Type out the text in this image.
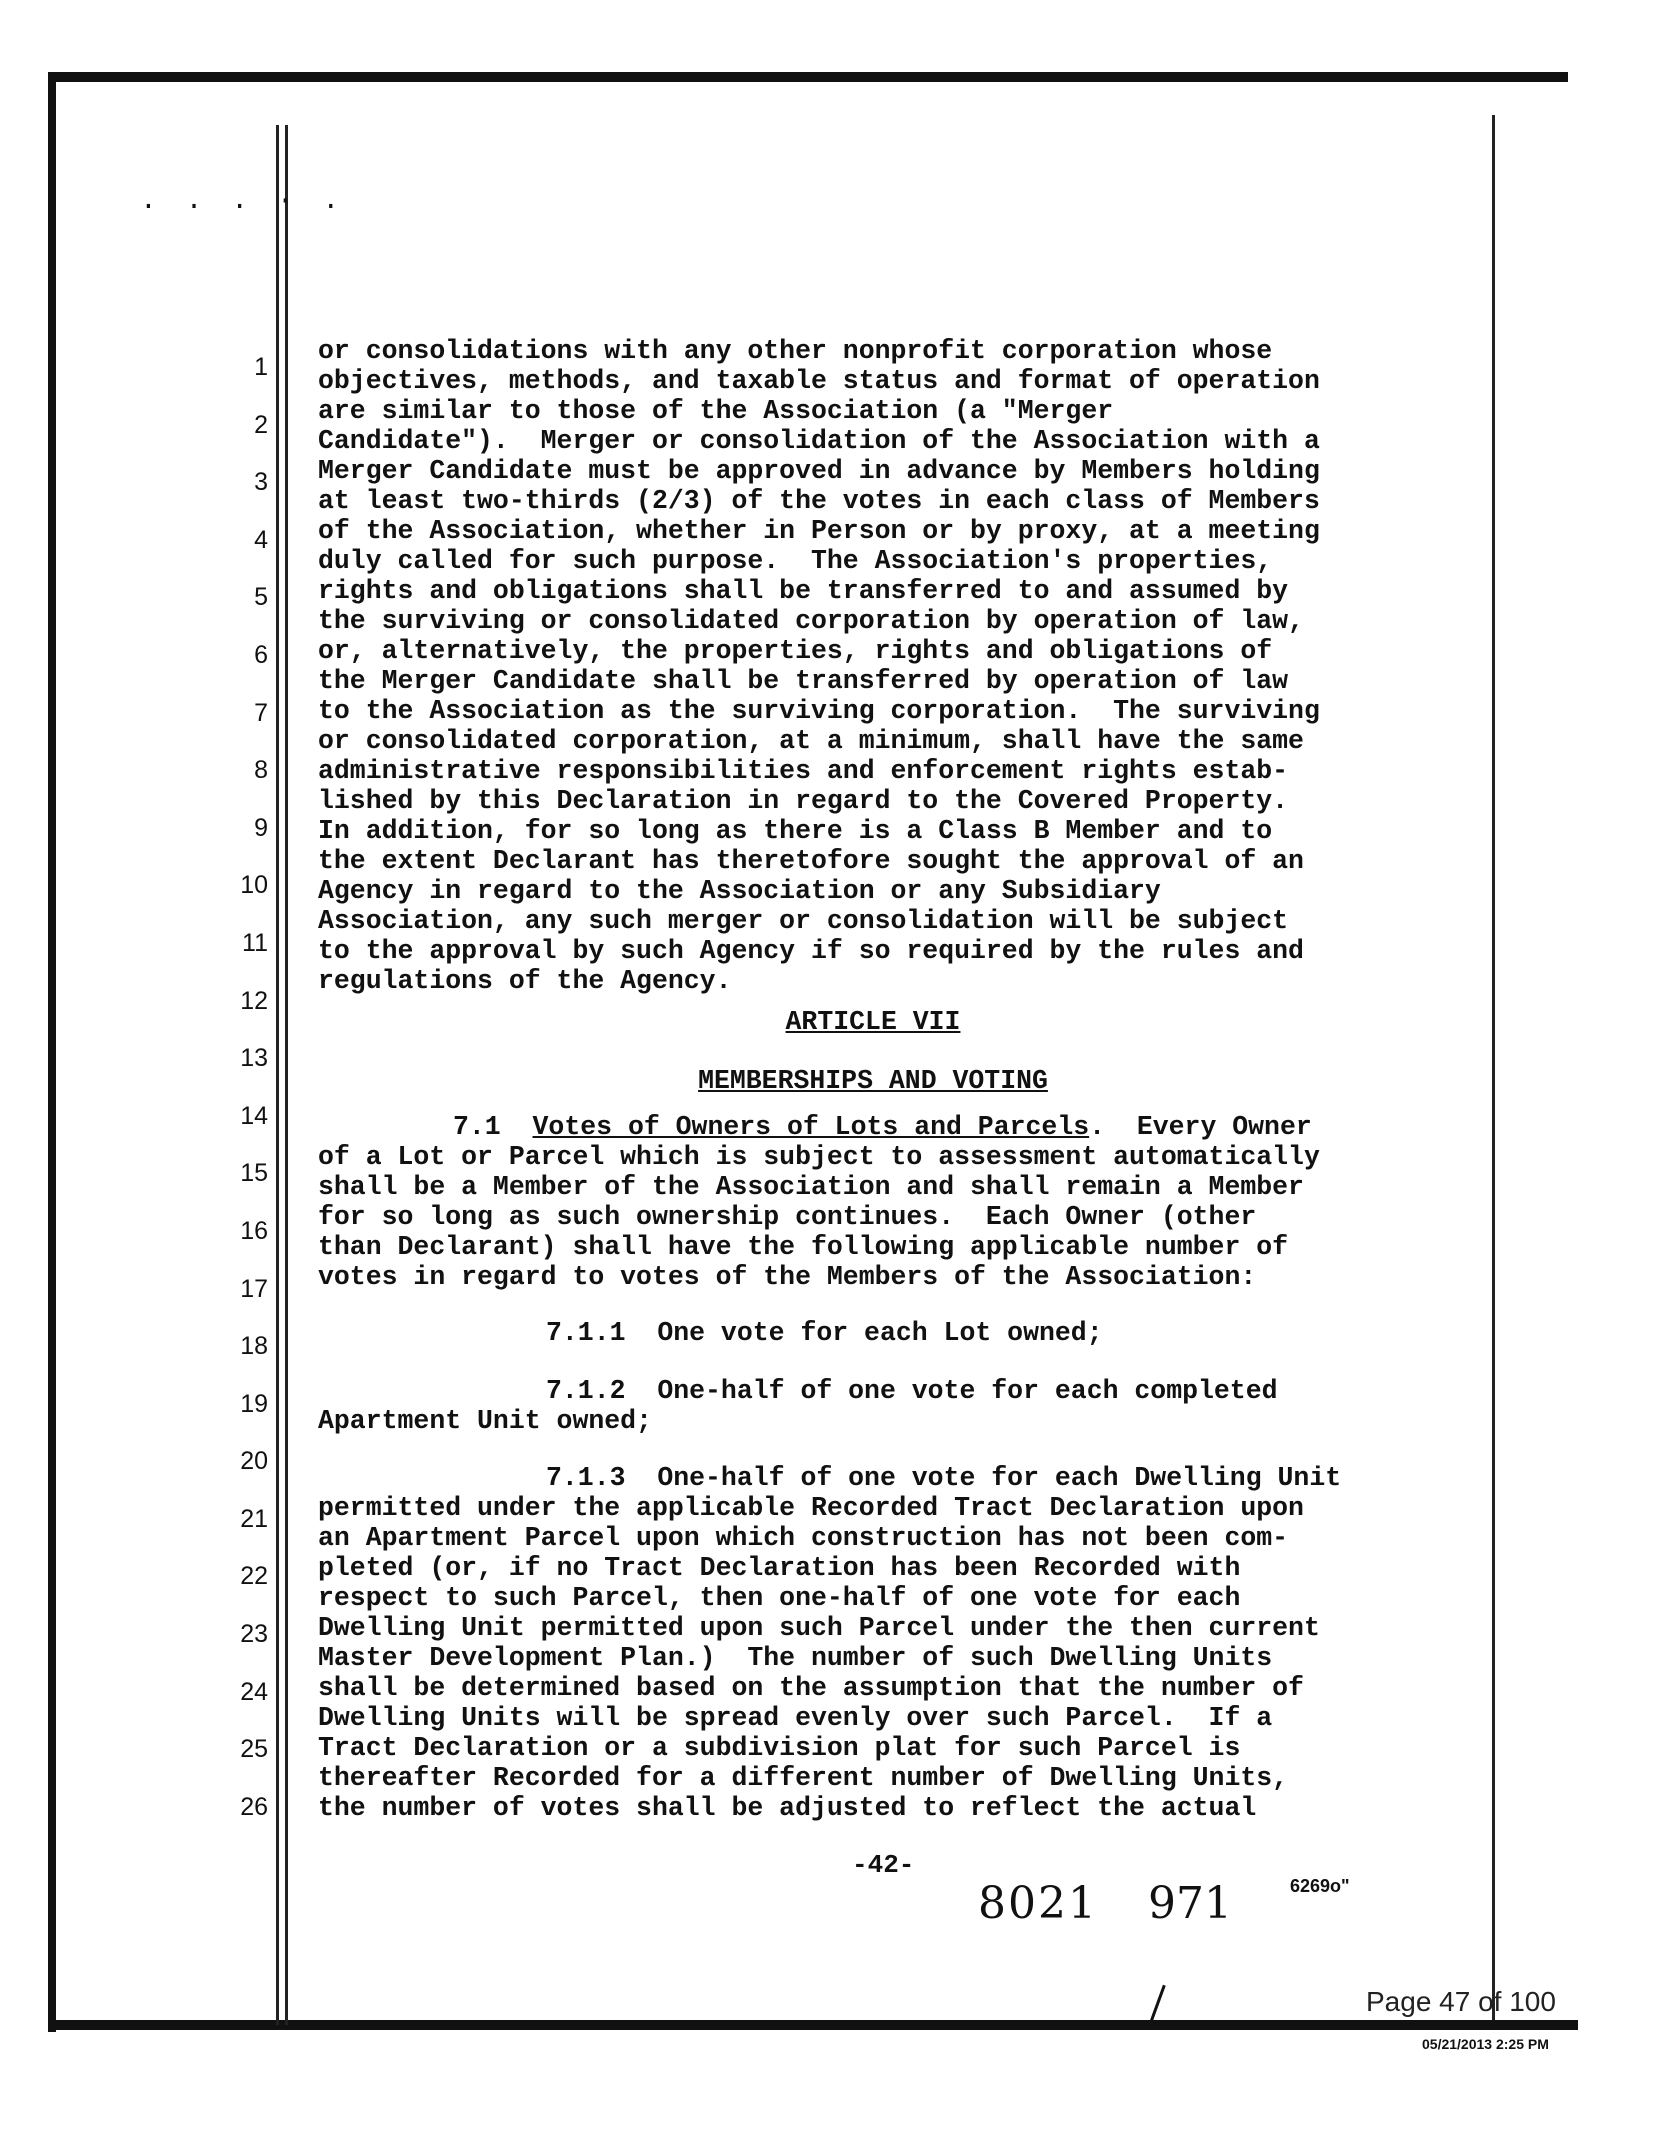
. . . · .
1
2
3
4
5
6
7
8
9
10
11
12
13
14
15
16
17
18
19
20
21
22
23
24
25
26

or consolidations with any other nonprofit corporation whose

objectives, methods, and taxable status and format of operation

are similar to those of the Association (a "Merger

Candidate").  Merger or consolidation of the Association with a

Merger Candidate must be approved in advance by Members holding

at least two-thirds (2/3) of the votes in each class of Members

of the Association, whether in Person or by proxy, at a meeting

duly called for such purpose.  The Association's properties,

rights and obligations shall be transferred to and assumed by

the surviving or consolidated corporation by operation of law,

or, alternatively, the properties, rights and obligations of

the Merger Candidate shall be transferred by operation of law

to the Association as the surviving corporation.  The surviving

or consolidated corporation, at a minimum, shall have the same

administrative responsibilities and enforcement rights estab-

lished by this Declaration in regard to the Covered Property.

In addition, for so long as there is a Class B Member and to

the extent Declarant has theretofore sought the approval of an

Agency in regard to the Association or any Subsidiary

Association, any such merger or consolidation will be subject

to the approval by such Agency if so required by the rules and

regulations of the Agency.

ARTICLE VII
MEMBERSHIPS AND VOTING

7.1 Votes of Owners of Lots and Parcels.  Every Owner

of a Lot or Parcel which is subject to assessment automatically

shall be a Member of the Association and shall remain a Member

for so long as such ownership continues.  Each Owner (other

than Declarant) shall have the following applicable number of

votes in regard to votes of the Members of the Association:

7.1.1  One vote for each Lot owned;

7.1.2  One-half of one vote for each completed

Apartment Unit owned;

7.1.3  One-half of one vote for each Dwelling Unit

permitted under the applicable Recorded Tract Declaration upon

an Apartment Parcel upon which construction has not been com-

pleted (or, if no Tract Declaration has been Recorded with

respect to such Parcel, then one-half of one vote for each

Dwelling Unit permitted upon such Parcel under the then current

Master Development Plan.)  The number of such Dwelling Units

shall be determined based on the assumption that the number of

Dwelling Units will be spread evenly over such Parcel.  If a

Tract Declaration or a subdivision plat for such Parcel is

thereafter Recorded for a different number of Dwelling Units,

the number of votes shall be adjusted to reflect the actual

-42-
8021 971	6269o"
Page 47 of 100
05/21/2013 2:25 PM
